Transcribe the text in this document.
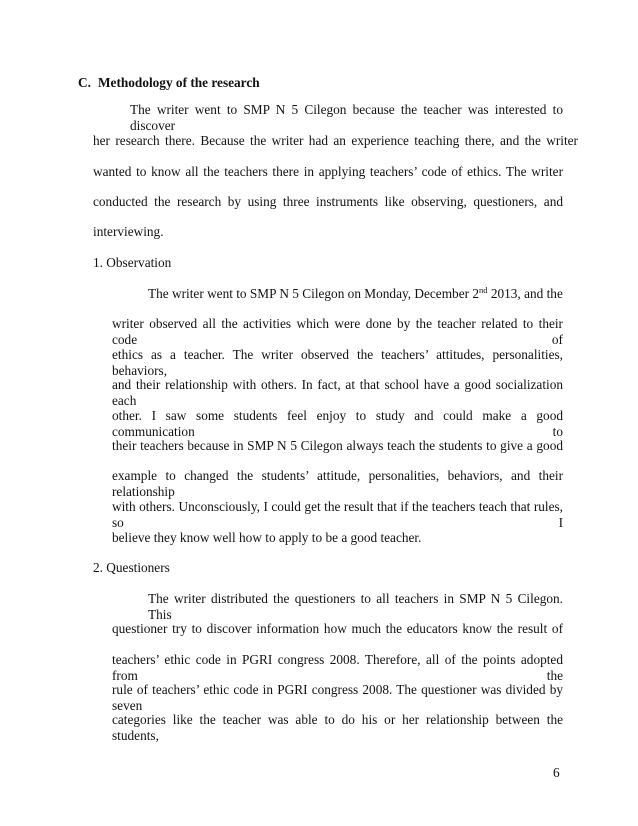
C. Methodology of the research
The writer went to SMP N 5 Cilegon because the teacher was interested to discover
her research there. Because the writer had an experience teaching there, and the writer
wanted to know all the teachers there in applying teachers’ code of ethics. The writer
conducted the research by using three instruments like observing, questioners, and
interviewing.
1. Observation
The writer went to SMP N 5 Cilegon on Monday, December 2nd 2013, and the
writer observed all the activities which were done by the teacher related to their code of
ethics as a teacher. The writer observed the teachers’ attitudes, personalities, behaviors,
and their relationship with others. In fact, at that school have a good socialization each
other. I saw some students feel enjoy to study and could make a good communication to
their teachers because in SMP N 5 Cilegon always teach the students to give a good
example to changed the students’ attitude, personalities, behaviors, and their relationship
with others. Unconsciously, I could get the result that if the teachers teach that rules, so I
believe they know well how to apply to be a good teacher.
2. Questioners
The writer distributed the questioners to all teachers in SMP N 5 Cilegon. This
questioner try to discover information how much the educators know the result of
teachers’ ethic code in PGRI congress 2008. Therefore, all of the points adopted from the
rule of teachers’ ethic code in PGRI congress 2008. The questioner was divided by seven
categories like the teacher was able to do his or her relationship between the students,
6
